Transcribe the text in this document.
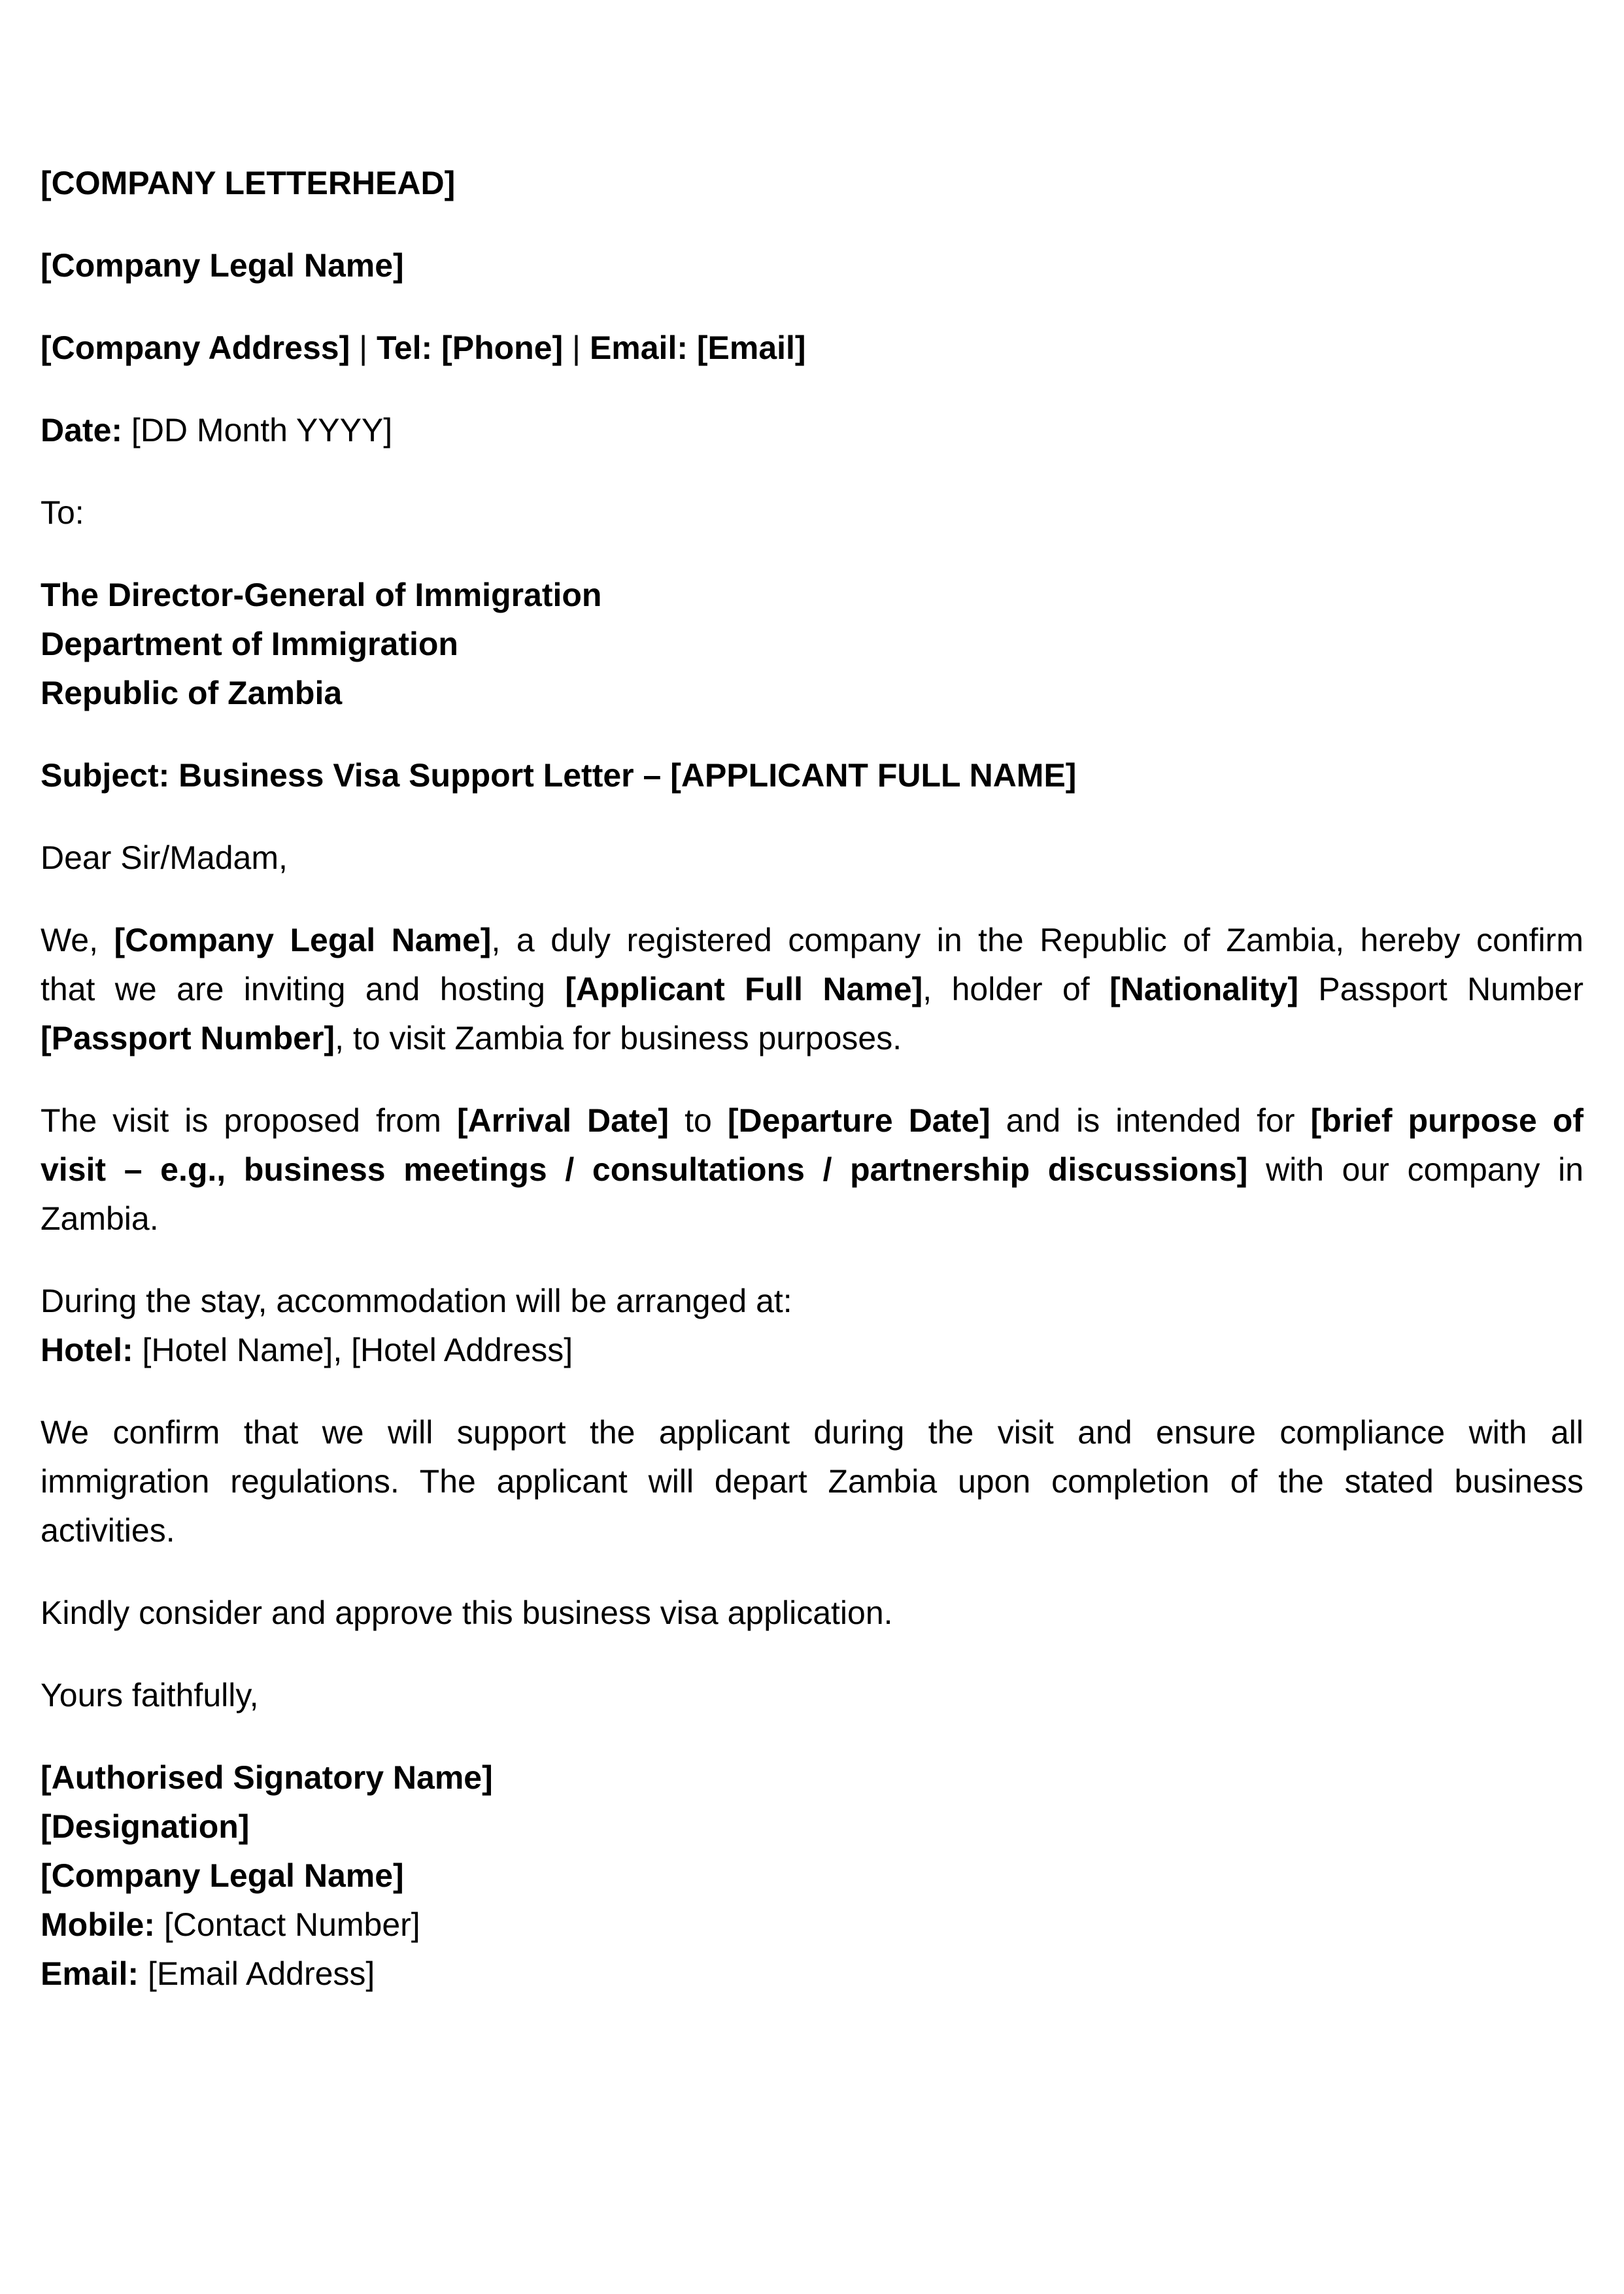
[COMPANY LETTERHEAD]
[Company Legal Name]
[Company Address] | Tel: [Phone] | Email: [Email]
Date: [DD Month YYYY]
To:
The Director-General of Immigration
Department of Immigration
Republic of Zambia
Subject: Business Visa Support Letter – [APPLICANT FULL NAME]
Dear Sir/Madam,
We, [Company Legal Name], a duly registered company in the Republic of Zambia, hereby confirm
that we are inviting and hosting [Applicant Full Name], holder of [Nationality] Passport Number
[Passport Number], to visit Zambia for business purposes.
The visit is proposed from [Arrival Date] to [Departure Date] and is intended for [brief purpose of
visit – e.g., business meetings / consultations / partnership discussions] with our company in
Zambia.
During the stay, accommodation will be arranged at:
Hotel: [Hotel Name], [Hotel Address]
We confirm that we will support the applicant during the visit and ensure compliance with all
immigration regulations. The applicant will depart Zambia upon completion of the stated business
activities.
Kindly consider and approve this business visa application.
Yours faithfully,
[Authorised Signatory Name]
[Designation]
[Company Legal Name]
Mobile: [Contact Number]
Email: [Email Address]
